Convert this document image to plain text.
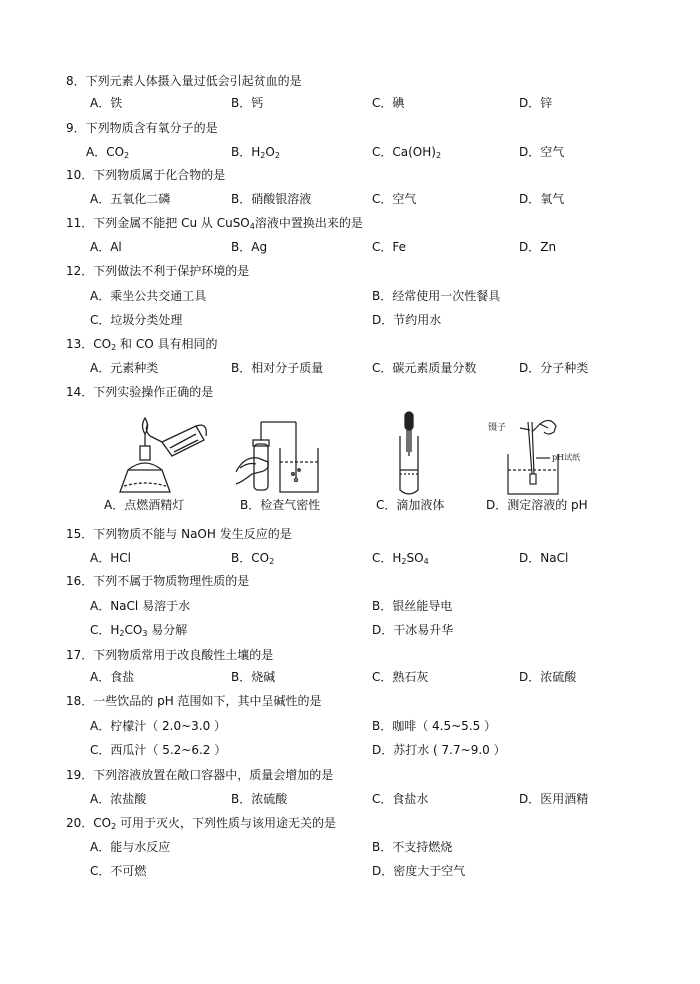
8．下列元素人体摄入量过低会引起贫血的是
A．铁	B．钙	C．碘	D．锌
9．下列物质含有氧分子的是
A．$CO_2$	B．$H_2O_2$	C．$Ca(OH)_2$	D．空气
10．下列物质属于化合物的是
A．五氧化二磷	B．硝酸银溶液	C．空气	D．氧气
11．下列金属不能把 Cu 从 CuSO$_4$溶液中置换出来的是
A．Al	B．Ag	C．Fe	D．Zn
12．下列做法不利于保护环境的是
A．乘坐公共交通工具	B．经常使用一次性餐具
C．垃圾分类处理	D．节约用水
13．$CO_2$ 和 CO 具有相同的
A．元素种类	B．相对分子质量	C．碳元素质量分数	D．分子种类
14．下列实验操作正确的是
镊子
pH试纸
A．点燃酒精灯	B．检查气密性	C．滴加液体	D．测定溶液的 pH
15．下列物质不能与 NaOH 发生反应的是
A．HCl	B．$CO_2$	C．$H_2SO_4$	D．NaCl
16．下列不属于物质物理性质的是
A．NaCl 易溶于水	B．银丝能导电
C．$H_2CO_3$ 易分解	D．干冰易升华
17．下列物质常用于改良酸性土壤的是
A．食盐	B．烧碱	C．熟石灰	D．浓硫酸
18．一些饮品的 pH 范围如下，其中呈碱性的是
A．柠檬汁（ 2.0~3.0 ）	B．咖啡（ 4.5~5.5 ）
C．西瓜汁（ 5.2~6.2 ）	D．苏打水 ( 7.7~9.0 ）
19．下列溶液放置在敞口容器中，质量会增加的是
A．浓盐酸	B．浓硫酸	C．食盐水	D．医用酒精
20．$CO_2$ 可用于灭火，下列性质与该用途无关的是
A．能与水反应	B．不支持燃烧
C．不可燃	D．密度大于空气
